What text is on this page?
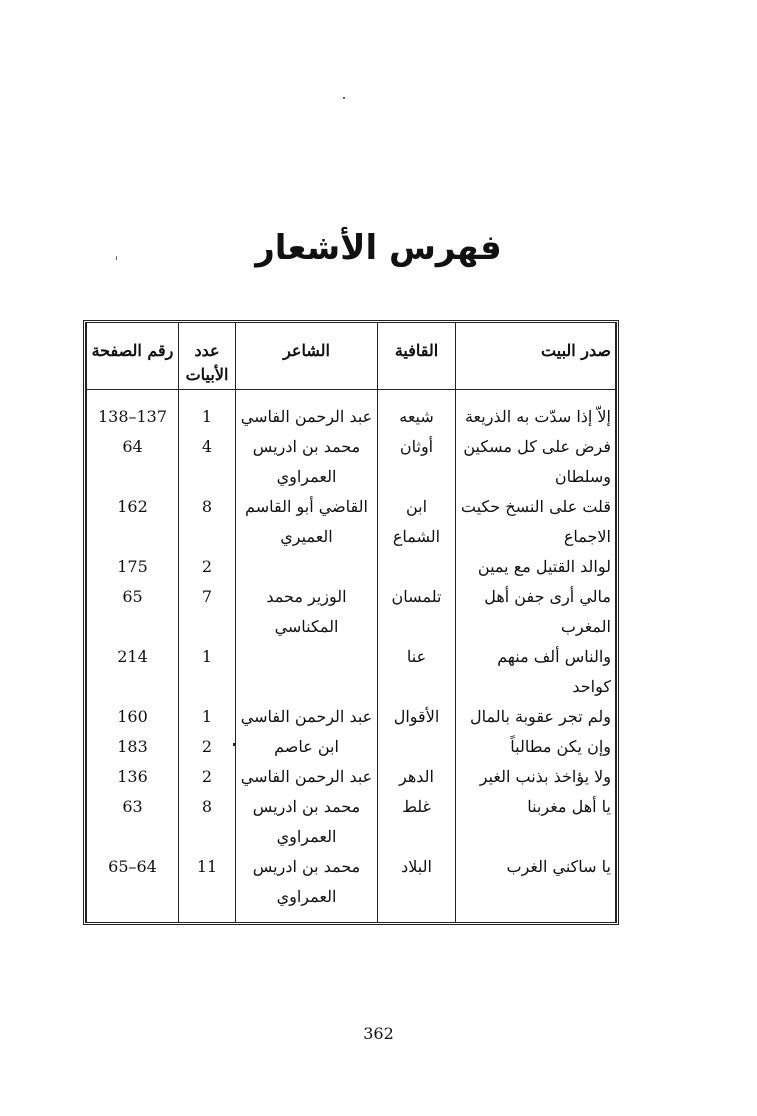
فهرس الأشعار
صدر البيت	القافية	الشاعر	عدد الأبيات	رقم الصفحة
إلاّ إذا سدّت به الذريعة	شيعه	عبد الرحمن الفاسي	1	138–137
فرض على كل مسكين وسلطان	أوثان	محمد بن ادريس العمراوي	4	64
قلت على النسخ حكيت الاجماع	ابن الشماع	القاضي أبو القاسم العميري	8	162
لوالد القتيل مع يمين			2	175
مالي أرى جفن أهل المغرب	تلمسان	الوزير محمد المكناسي	7	65
والناس ألف منهم كواحد	عنا		1	214
ولم تجر عقوبة بالمال	الأقوال	عبد الرحمن الفاسي	1	160
وإن يكن مطالباً		ابن عاصم	2	183
ولا يؤاخذ بذنب الغير	الدهر	عبد الرحمن الفاسي	2	136
يا أهل مغربنا	غلط	محمد بن ادريس العمراوي	8	63
يا ساكني الغرب	البلاد	محمد بن ادريس العمراوي	11	65–64
362
